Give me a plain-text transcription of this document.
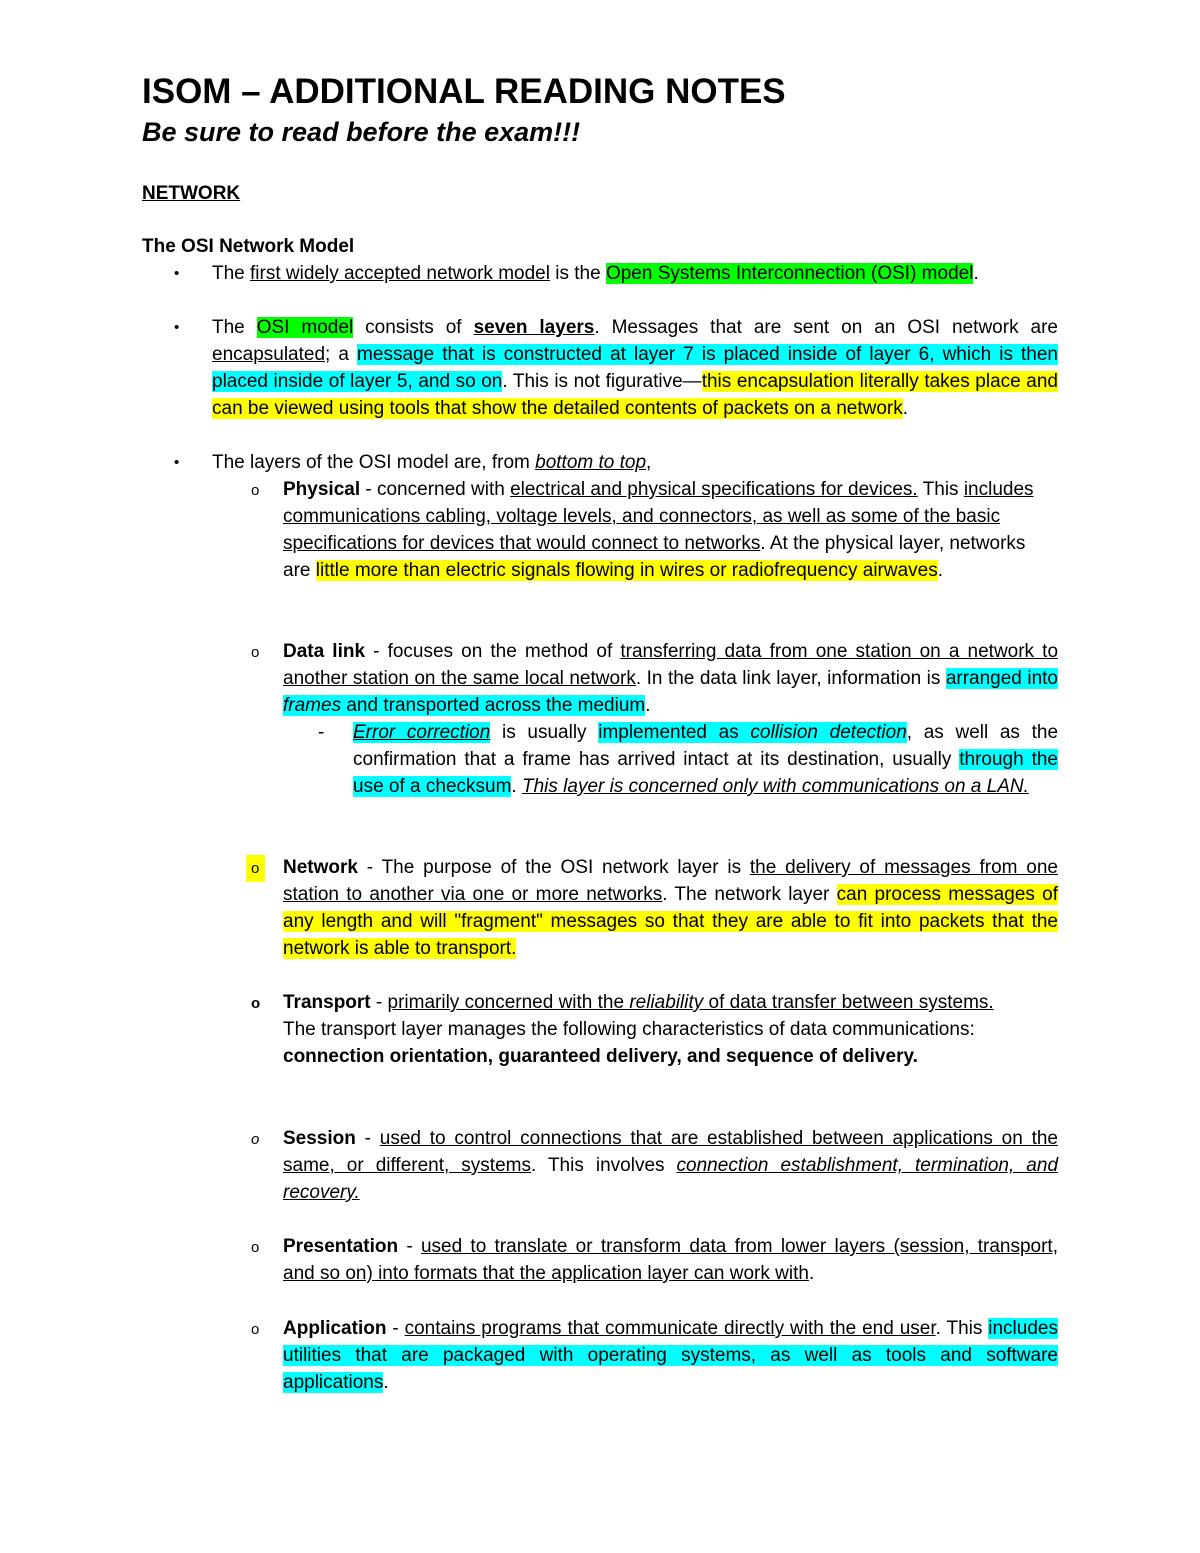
ISOM – ADDITIONAL READING NOTES
Be sure to read before the exam!!!
NETWORK
The OSI Network Model
• The first widely accepted network model is the Open Systems Interconnection (OSI) model.

• The OSI model consists of seven layers. Messages that are sent on an OSI network are encapsulated; a message that is constructed at layer 7 is placed inside of layer 6, which is then placed inside of layer 5, and so on. This is not figurative—this encapsulation literally takes place and can be viewed using tools that show the detailed contents of packets on a network.

• The layers of the OSI model are, from bottom to top,

o Physical - concerned with electrical and physical specifications for devices. This includes communications cabling, voltage levels, and connectors, as well as some of the basic specifications for devices that would connect to networks. At the physical layer, networks are little more than electric signals flowing in wires or radiofrequency airwaves.

o Data link - focuses on the method of transferring data from one station on a network to another station on the same local network. In the data link layer, information is arranged into frames and transported across the medium.

- Error correction is usually implemented as collision detection, as well as the confirmation that a frame has arrived intact at its destination, usually through the use of a checksum. This layer is concerned only with communications on a LAN.

o	Network - The purpose of the OSI network layer is the delivery of messages from one station to another via one or more networks. The network layer can process messages of any length and will "fragment" messages so that they are able to fit into packets that the network is able to transport.

o Transport - primarily concerned with the reliability of data transfer between systems. The transport layer manages the following characteristics of data communications: connection orientation, guaranteed delivery, and sequence of delivery.

o Session - used to control connections that are established between applications on the same, or different, systems. This involves connection establishment, termination, and recovery.

o Presentation - used to translate or transform data from lower layers (session, transport, and so on) into formats that the application layer can work with.

o Application - contains programs that communicate directly with the end user. This includes utilities that are packaged with operating systems, as well as tools and software applications.
